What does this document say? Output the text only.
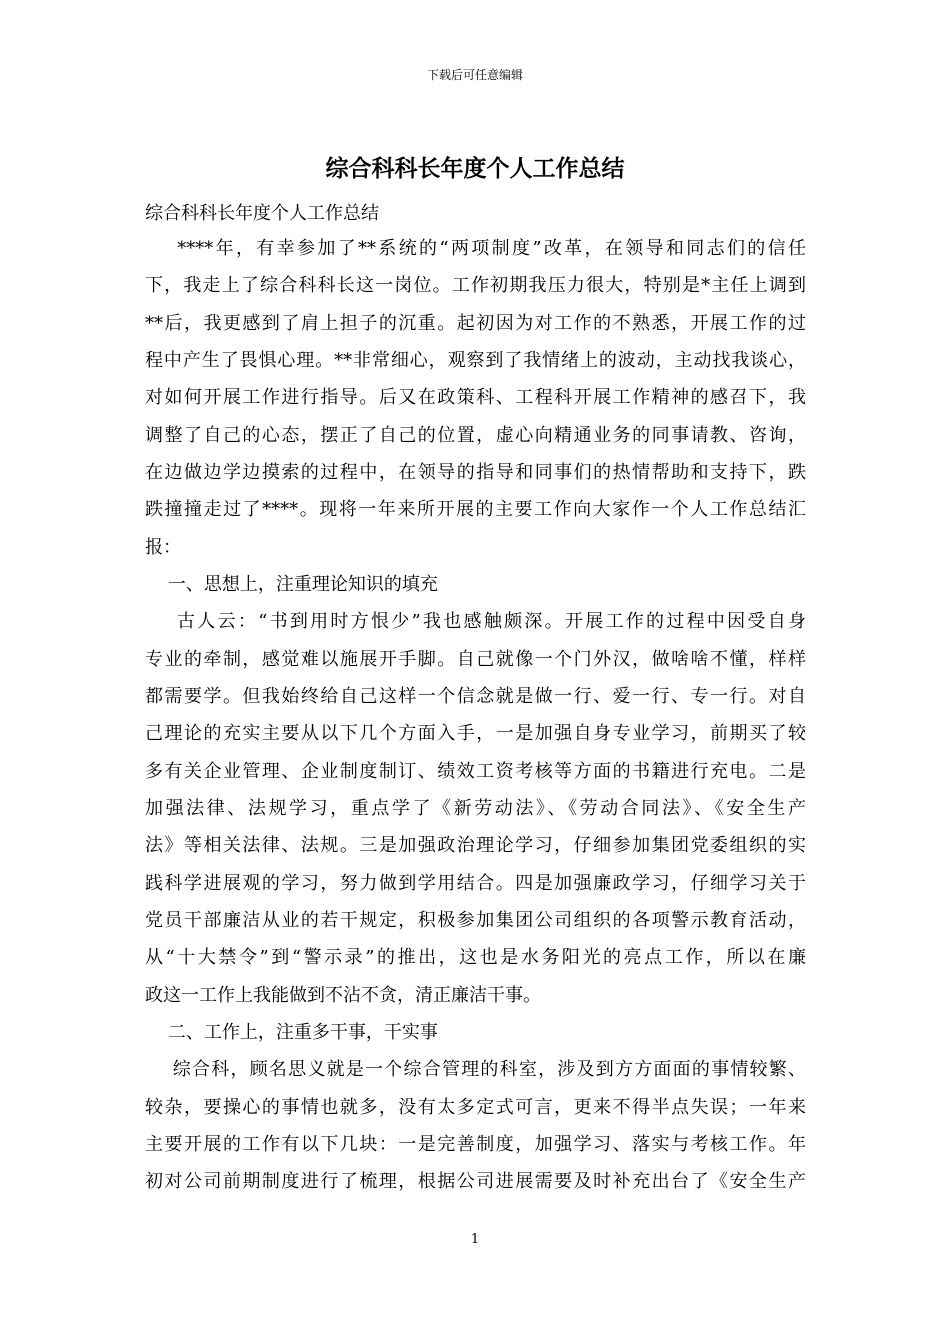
下载后可任意编辑
综合科科长年度个人工作总结
综合科科长年度个人工作总结
****年，有幸参加了**系统的“两项制度”改革，在领导和同志们的信任
下，我走上了综合科科长这一岗位。工作初期我压力很大，特别是*主任上调到
**后，我更感到了肩上担子的沉重。起初因为对工作的不熟悉，开展工作的过
程中产生了畏惧心理。**非常细心，观察到了我情绪上的波动，主动找我谈心，
对如何开展工作进行指导。后又在政策科、工程科开展工作精神的感召下，我
调整了自己的心态，摆正了自己的位置，虚心向精通业务的同事请教、咨询，
在边做边学边摸索的过程中，在领导的指导和同事们的热情帮助和支持下，跌
跌撞撞走过了****。现将一年来所开展的主要工作向大家作一个人工作总结汇
报：
一、思想上，注重理论知识的填充
古人云：“书到用时方恨少”我也感触颇深。开展工作的过程中因受自身
专业的牵制，感觉难以施展开手脚。自己就像一个门外汉，做啥啥不懂，样样
都需要学。但我始终给自己这样一个信念就是做一行、爱一行、专一行。对自
己理论的充实主要从以下几个方面入手，一是加强自身专业学习，前期买了较
多有关企业管理、企业制度制订、绩效工资考核等方面的书籍进行充电。二是
加强法律、法规学习，重点学了《新劳动法》、《劳动合同法》、《安全生产
法》等相关法律、法规。三是加强政治理论学习，仔细参加集团党委组织的实
践科学进展观的学习，努力做到学用结合。四是加强廉政学习，仔细学习关于
党员干部廉洁从业的若干规定，积极参加集团公司组织的各项警示教育活动，
从“十大禁令”到“警示录”的推出，这也是水务阳光的亮点工作，所以在廉
政这一工作上我能做到不沾不贪，清正廉洁干事。
二、工作上，注重多干事，干实事
综合科，顾名思义就是一个综合管理的科室，涉及到方方面面的事情较繁、
较杂，要操心的事情也就多，没有太多定式可言，更来不得半点失误；一年来
主要开展的工作有以下几块：一是完善制度，加强学习、落实与考核工作。年
初对公司前期制度进行了梳理，根据公司进展需要及时补充出台了《安全生产
1
